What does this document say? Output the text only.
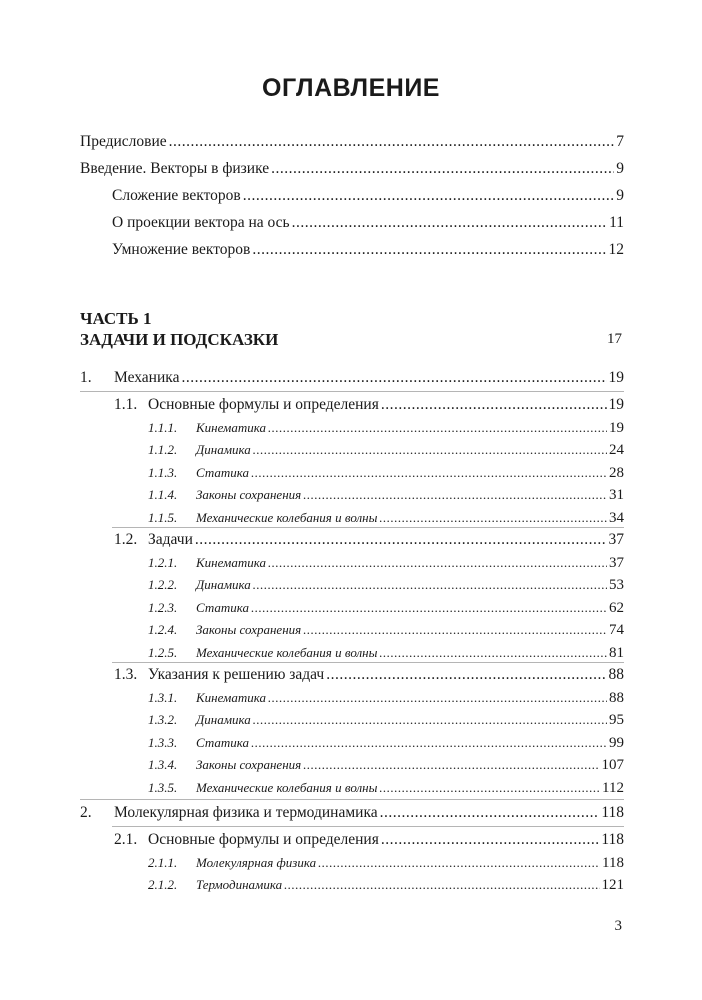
ОГЛАВЛЕНИЕ
Предисловие .....	7
Введение. Векторы в физике .....	9
Сложение векторов .....	9
О проекции вектора на ось .....	11
Умножение векторов .....	12
ЧАСТЬ 1
ЗАДАЧИ И ПОДСКАЗКИ	17
1. Механика .....	19
1.1. Основные формулы и определения .....	19
1.1.1. Кинематика .....	19
1.1.2. Динамика .....	24
1.1.3. Статика .....	28
1.1.4. Законы сохранения .....	31
1.1.5. Механические колебания и волны .....	34
1.2. Задачи .....	37
1.2.1. Кинематика .....	37
1.2.2. Динамика .....	53
1.2.3. Статика .....	62
1.2.4. Законы сохранения .....	74
1.2.5. Механические колебания и волны .....	81
1.3. Указания к решению задач .....	88
1.3.1. Кинематика .....	88
1.3.2. Динамика .....	95
1.3.3. Статика .....	99
1.3.4. Законы сохранения .....	107
1.3.5. Механические колебания и волны .....	112
2. Молекулярная физика и термодинамика .....	118
2.1. Основные формулы и определения .....	118
2.1.1. Молекулярная физика .....	118
2.1.2. Термодинамика .....	121
3
